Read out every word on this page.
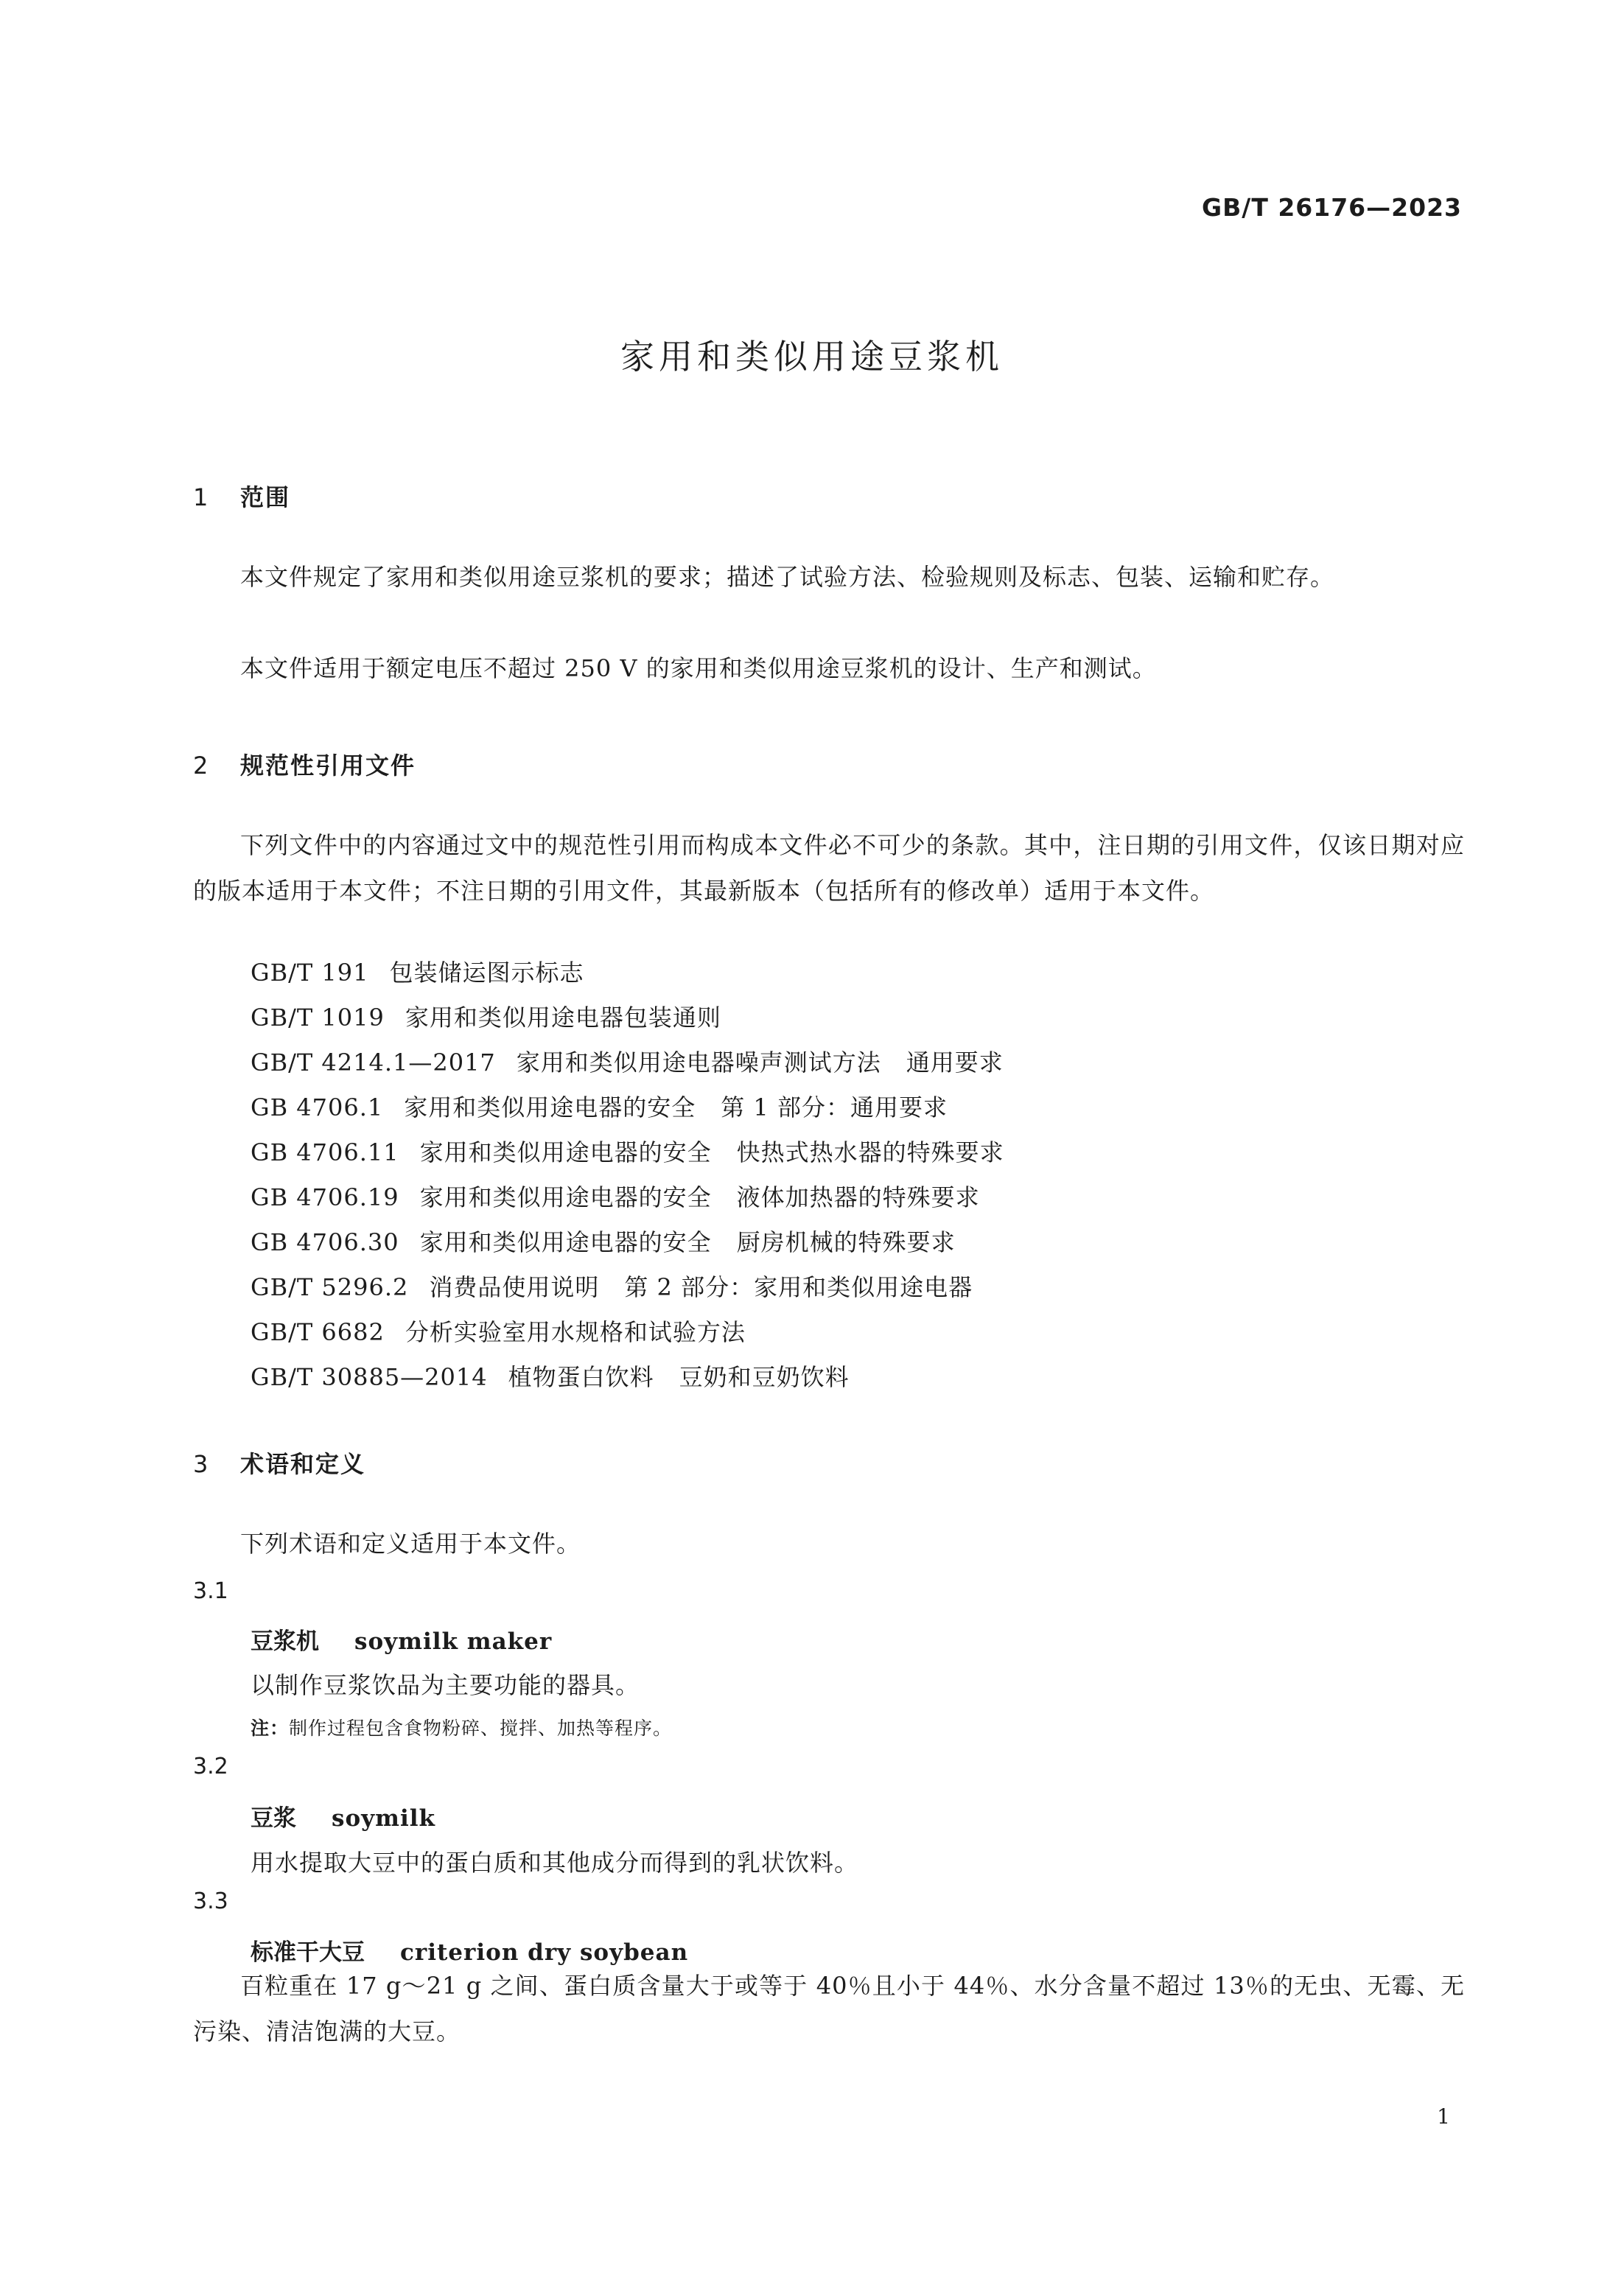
GB/T 26176—2023
家用和类似用途豆浆机
1 范围
本文件规定了家用和类似用途豆浆机的要求；描述了试验方法、检验规则及标志、包装、运输和贮存。
本文件适用于额定电压不超过 250 V 的家用和类似用途豆浆机的设计、生产和测试。
2 规范性引用文件
下列文件中的内容通过文中的规范性引用而构成本文件必不可少的条款。其中，注日期的引用文件，仅该日期对应的版本适用于本文件；不注日期的引用文件，其最新版本（包括所有的修改单）适用于本文件。
GB/T 191 包装储运图示标志
GB/T 1019 家用和类似用途电器包装通则
GB/T 4214.1—2017 家用和类似用途电器噪声测试方法 通用要求
GB 4706.1 家用和类似用途电器的安全 第 1 部分：通用要求
GB 4706.11 家用和类似用途电器的安全 快热式热水器的特殊要求
GB 4706.19 家用和类似用途电器的安全 液体加热器的特殊要求
GB 4706.30 家用和类似用途电器的安全 厨房机械的特殊要求
GB/T 5296.2 消费品使用说明 第 2 部分：家用和类似用途电器
GB/T 6682 分析实验室用水规格和试验方法
GB/T 30885—2014 植物蛋白饮料 豆奶和豆奶饮料
3 术语和定义
下列术语和定义适用于本文件。
3.1
豆浆机 soymilk maker
以制作豆浆饮品为主要功能的器具。
注：制作过程包含食物粉碎、搅拌、加热等程序。
3.2
豆浆 soymilk
用水提取大豆中的蛋白质和其他成分而得到的乳状饮料。
3.3
标准干大豆 criterion dry soybean
百粒重在 17 g～21 g 之间、蛋白质含量大于或等于 40％且小于 44％、水分含量不超过 13％的无虫、无霉、无污染、清洁饱满的大豆。
1
